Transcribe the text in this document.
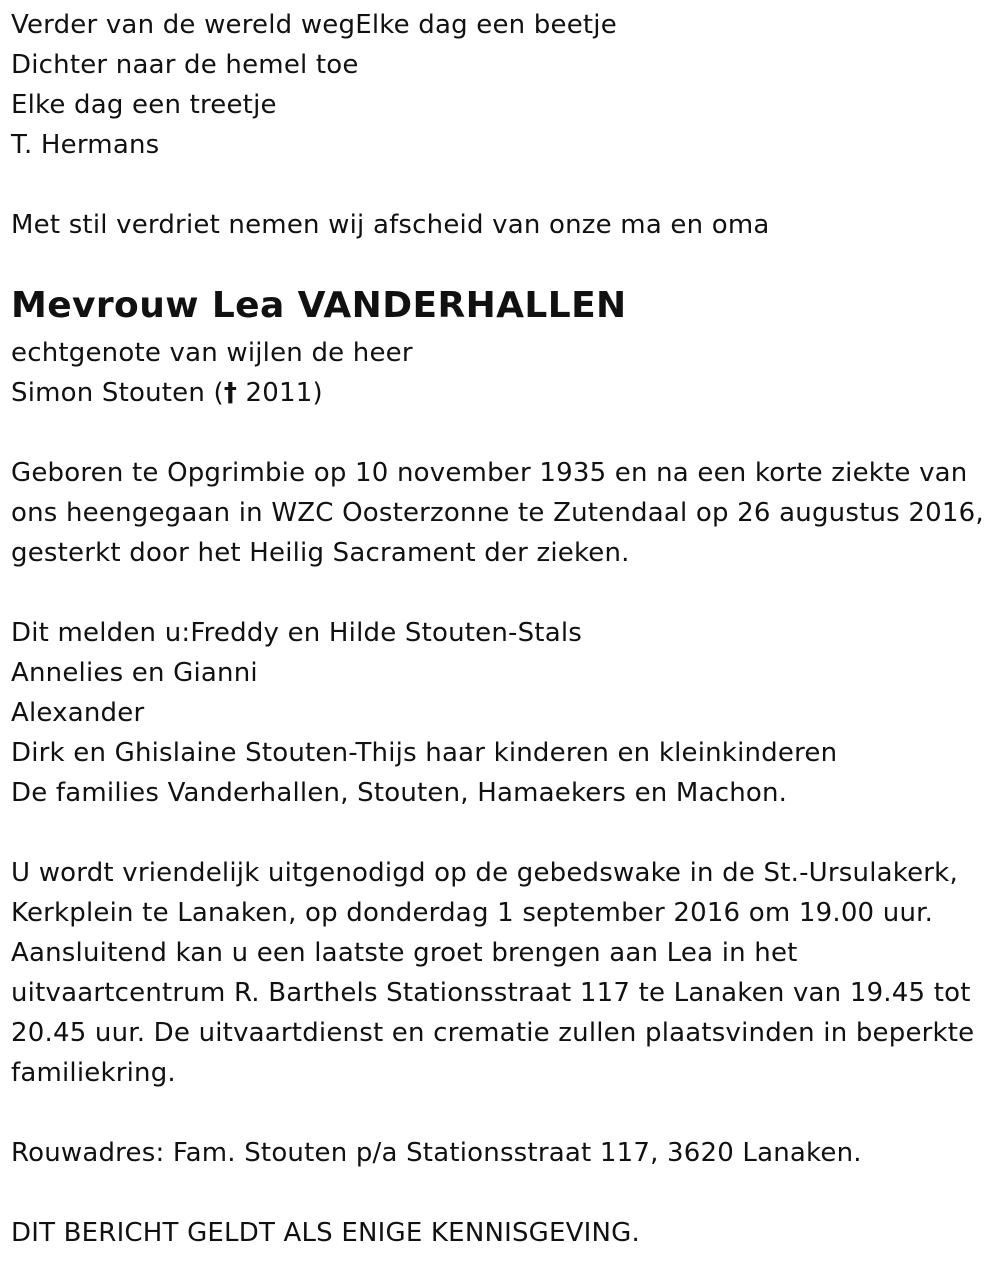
Verder van de wereld wegElke dag een beetje
Dichter naar de hemel toe
Elke dag een treetje
T. Hermans
Met stil verdriet nemen wij afscheid van onze ma en oma
Mevrouw Lea VANDERHALLEN
echtgenote van wijlen de heer
Simon Stouten († 2011)
Geboren te Opgrimbie op 10 november 1935 en na een korte ziekte van
ons heengegaan in WZC Oosterzonne te Zutendaal op 26 augustus 2016,
gesterkt door het Heilig Sacrament der zieken.
Dit melden u:Freddy en Hilde Stouten-Stals
Annelies en Gianni
Alexander
Dirk en Ghislaine Stouten-Thijs haar kinderen en kleinkinderen
De families Vanderhallen, Stouten, Hamaekers en Machon.
U wordt vriendelijk uitgenodigd op de gebedswake in de St.-Ursulakerk,
Kerkplein te Lanaken, op donderdag 1 september 2016 om 19.00 uur.
Aansluitend kan u een laatste groet brengen aan Lea in het
uitvaartcentrum R. Barthels Stationsstraat 117 te Lanaken van 19.45 tot
20.45 uur. De uitvaartdienst en crematie zullen plaatsvinden in beperkte
familiekring.
Rouwadres: Fam. Stouten p/a Stationsstraat 117, 3620 Lanaken.
DIT BERICHT GELDT ALS ENIGE KENNISGEVING.
